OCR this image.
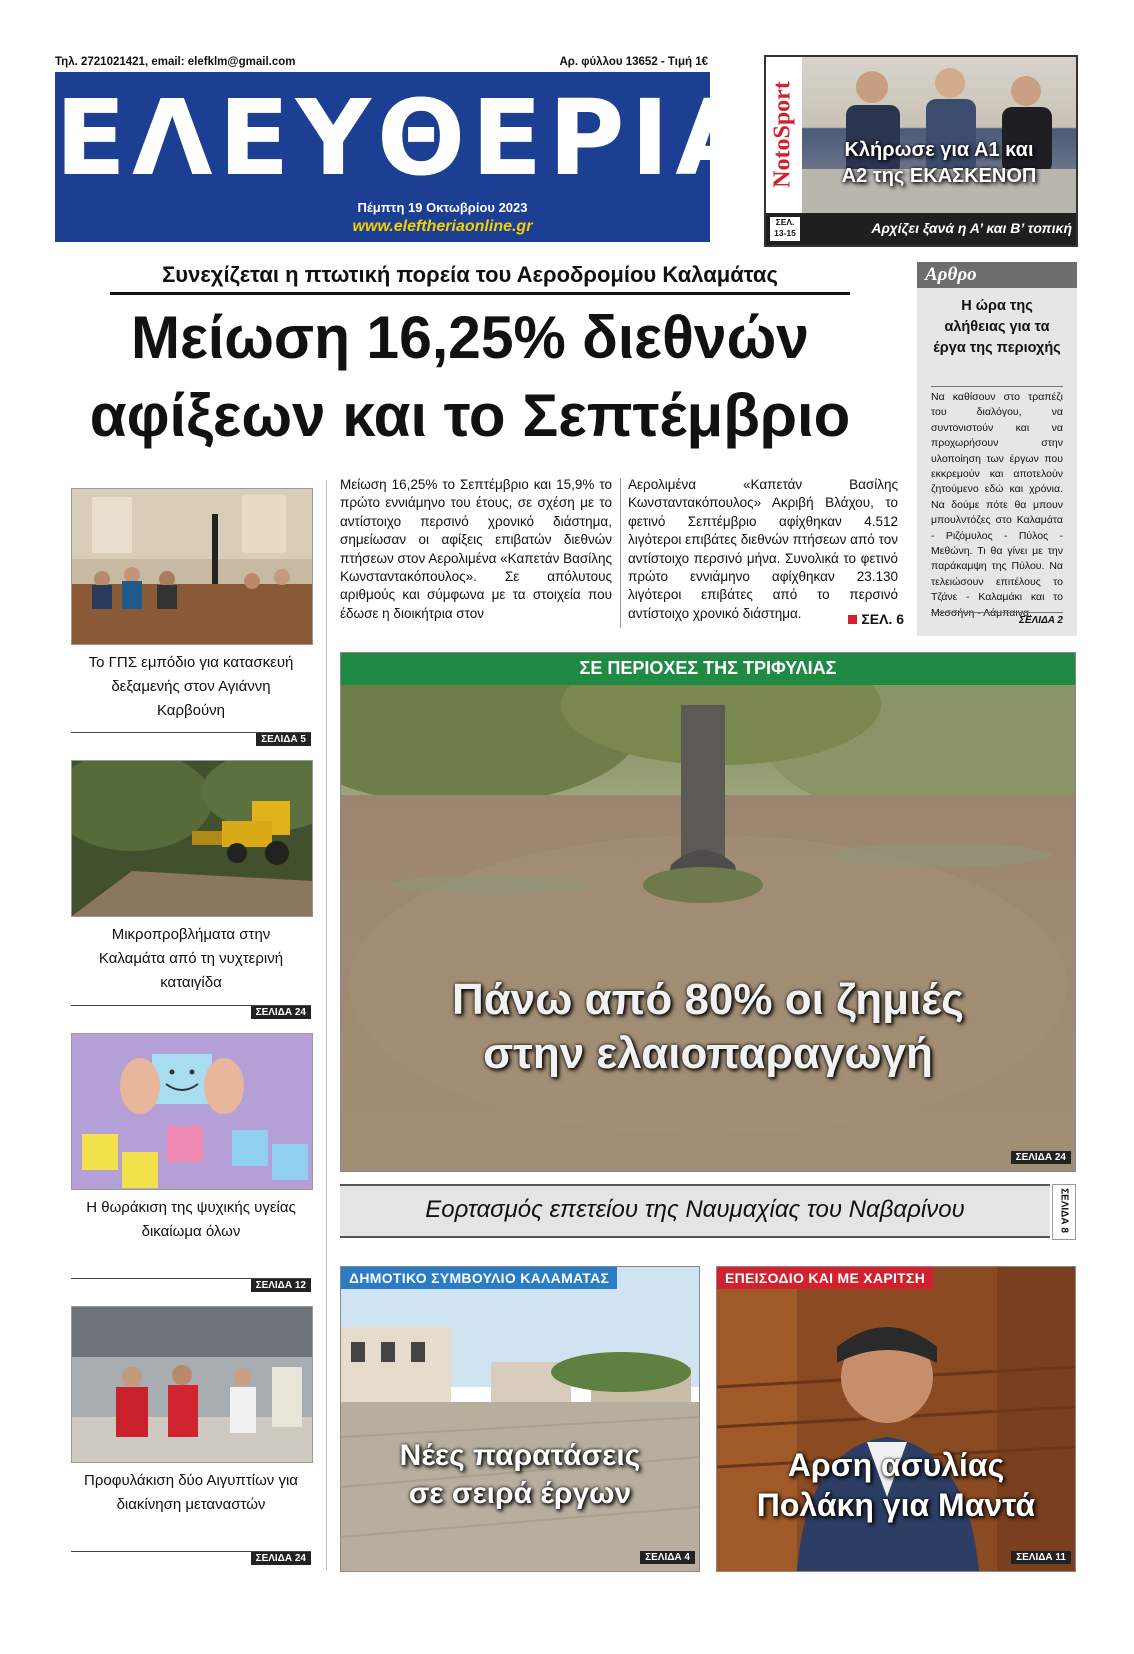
Τηλ. 2721021421, email: elefklm@gmail.com	Αρ. φύλλου 13652 - Τιμή 1€
ΕΛΕΥΘΕΡΙΑ
Πέμπτη 19 Οκτωβρίου 2023
www.eleftheriaonline.gr
NotoSport	Κλήρωσε για Α1 και
Α2 της ΕΚΑΣΚΕΝΟΠ
ΣΕΛ. 13-15	Αρχίζει ξανά η Α’ και Β’ τοπική
Συνεχίζεται η πτωτική πορεία του Αεροδρομίου Καλαμάτας
Μείωση 16,25% διεθνών
αφίξεων και το Σεπτέμβριο
Μείωση 16,25% το Σεπτέμβριο και 15,9% το πρώτο εννιάμηνο του έτους, σε σχέση με το αντίστοιχο περσινό χρονικό διάστημα, σημείωσαν οι αφίξεις επιβατών διεθνών πτήσεων στον Αερολιμένα «Καπετάν Βασίλης Κωνσταντακόπουλος». Σε απόλυτους αριθμούς και σύμφωνα με τα στοιχεία που έδωσε η διοικήτρια στον
Αερολιμένα «Καπετάν Βασίλης Κωνσταντακόπουλος» Ακριβή Βλάχου, το φετινό Σεπτέμβριο αφίχθηκαν 4.512 λιγότεροι επιβάτες διεθνών πτήσεων από τον αντίστοιχο περσινό μήνα. Συνολικά το φετινό πρώτο εννιάμηνο αφίχθηκαν 23.130 λιγότεροι επιβάτες από το περσινό αντίστοιχο χρονικό διάστημα.	ΣΕΛ. 6
Αρθρο
Η ώρα της αλήθειας για τα έργα της περιοχής
Να καθίσουν στο τραπέζι του διαλόγου, να συντονιστούν και να προχωρήσουν στην υλοποίηση των έργων που εκκρεμούν και αποτελούν ζητούμενο εδώ και χρόνια. Να δούμε πότε θα μπουν μπουλντόζες στο Καλαμάτα - Ριζόμυλος - Πύλος - Μεθώνη. Τι θα γίνει με την παράκαμψη της Πύλου. Να τελειώσουν επιτέλους το Τζάνε - Καλαμάκι και το Μεσσήνη - Λάμπαινα.
ΣΕΛΙΔΑ 2
Το ΓΠΣ εμπόδιο για κατασκευή δεξαμενής στον Αγιάννη Καρβούνη
ΣΕΛΙΔΑ 5
Μικροπροβλήματα στην Καλαμάτα από τη νυχτερινή καταιγίδα
ΣΕΛΙΔΑ 24
Η θωράκιση της ψυχικής υγείας δικαίωμα όλων
ΣΕΛΙΔΑ 12
Προφυλάκιση δύο Αιγυπτίων για διακίνηση μεταναστών
ΣΕΛΙΔΑ 24
ΣΕ ΠΕΡΙΟΧΕΣ ΤΗΣ ΤΡΙΦΥΛΙΑΣ
Πάνω από 80% οι ζημιές
στην ελαιοπαραγωγή
ΣΕΛΙΔΑ 24
Εορτασμός επετείου της Ναυμαχίας του Ναβαρίνου	ΣΕΛΙΔΑ 8
ΔΗΜΟΤΙΚΟ ΣΥΜΒΟΥΛΙΟ ΚΑΛΑΜΑΤΑΣ
Νέες παρατάσεις
σε σειρά έργων
ΣΕΛΙΔΑ 4
ΕΠΕΙΣΟΔΙΟ ΚΑΙ ΜΕ ΧΑΡΙΤΣΗ
Αρση ασυλίας
Πολάκη για Μαντά
ΣΕΛΙΔΑ 11
